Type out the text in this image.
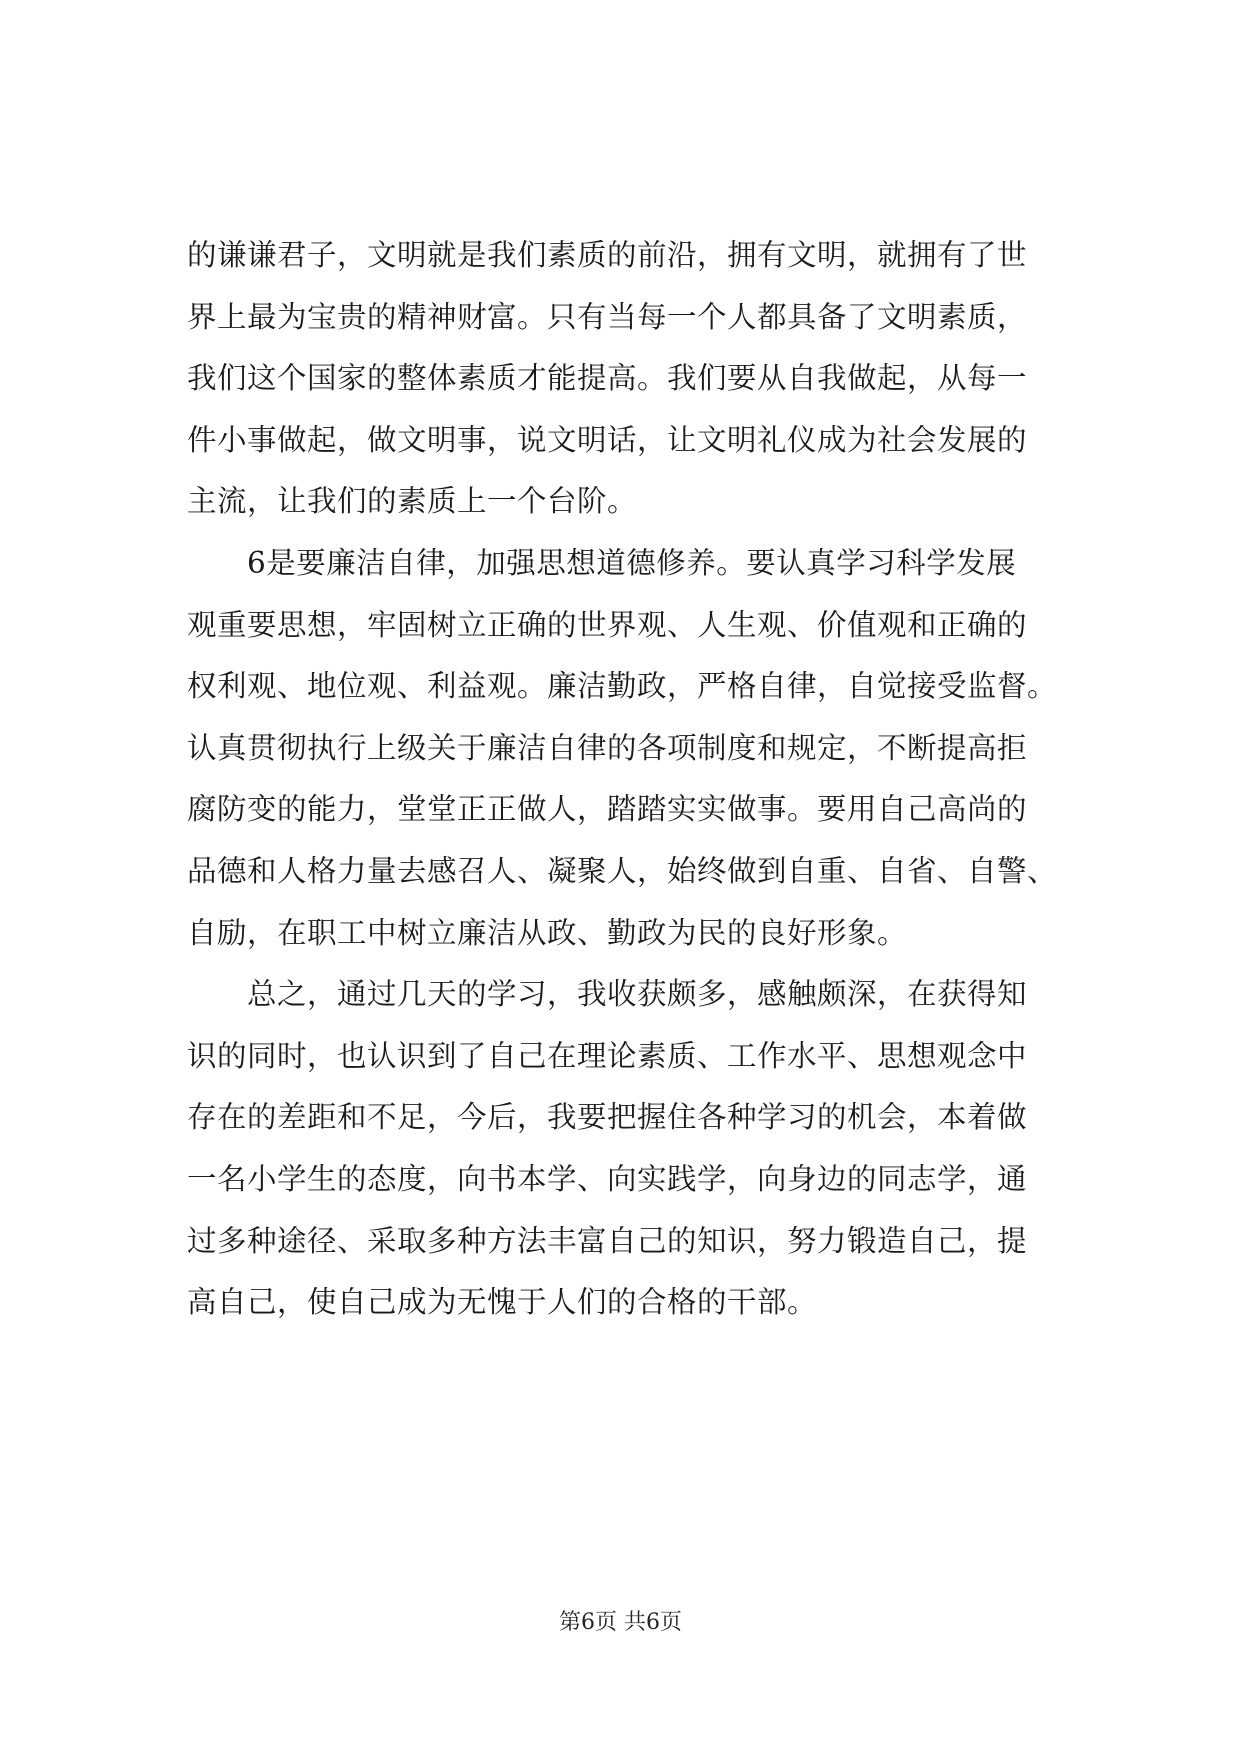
的谦谦君子，文明就是我们素质的前沿，拥有文明，就拥有了世
界上最为宝贵的精神财富。只有当每一个人都具备了文明素质，
我们这个国家的整体素质才能提高。我们要从自我做起，从每一
件小事做起，做文明事，说文明话，让文明礼仪成为社会发展的
主流，让我们的素质上一个台阶。
　　6是要廉洁自律，加强思想道德修养。要认真学习科学发展
观重要思想，牢固树立正确的世界观、人生观、价值观和正确的
权利观、地位观、利益观。廉洁勤政，严格自律，自觉接受监督。
认真贯彻执行上级关于廉洁自律的各项制度和规定，不断提高拒
腐防变的能力，堂堂正正做人，踏踏实实做事。要用自己高尚的
品德和人格力量去感召人、凝聚人，始终做到自重、自省、自警、
自励，在职工中树立廉洁从政、勤政为民的良好形象。
　　总之，通过几天的学习，我收获颇多，感触颇深，在获得知
识的同时，也认识到了自己在理论素质、工作水平、思想观念中
存在的差距和不足，今后，我要把握住各种学习的机会，本着做
一名小学生的态度，向书本学、向实践学，向身边的同志学，通
过多种途径、采取多种方法丰富自己的知识，努力锻造自己，提
高自己，使自己成为无愧于人们的合格的干部。
第6页 共6页
